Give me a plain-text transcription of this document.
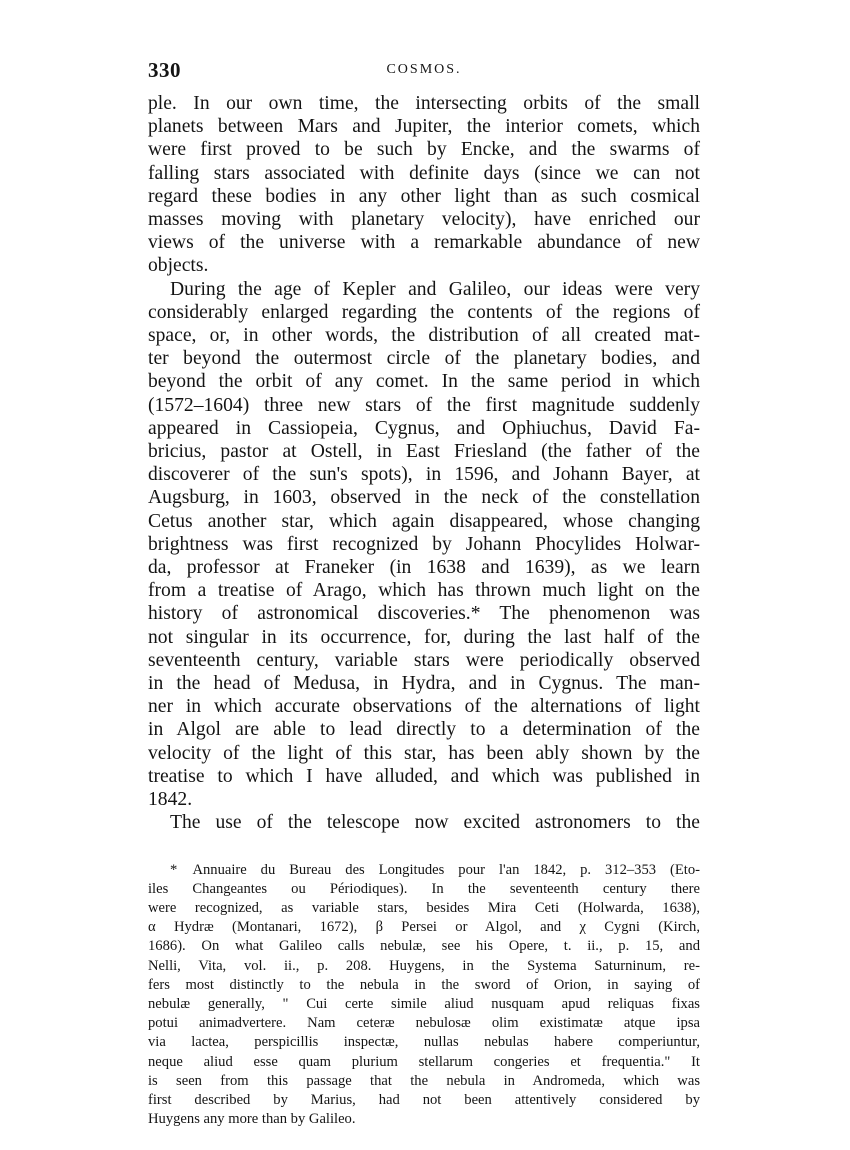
330	COSMOS.

ple. In our own time, the intersecting orbits of the small
planets between Mars and Jupiter, the interior comets, which
were first proved to be such by Encke, and the swarms of
falling stars associated with definite days (since we can not
regard these bodies in any other light than as such cosmical
masses moving with planetary velocity), have enriched our
views of the universe with a remarkable abundance of new
objects.

During the age of Kepler and Galileo, our ideas were very
considerably enlarged regarding the contents of the regions of
space, or, in other words, the distribution of all created mat-
ter beyond the outermost circle of the planetary bodies, and
beyond the orbit of any comet. In the same period in which
(1572–1604) three new stars of the first magnitude suddenly
appeared in Cassiopeia, Cygnus, and Ophiuchus, David Fa-
bricius, pastor at Ostell, in East Friesland (the father of the
discoverer of the sun's spots), in 1596, and Johann Bayer, at
Augsburg, in 1603, observed in the neck of the constellation
Cetus another star, which again disappeared, whose changing
brightness was first recognized by Johann Phocylides Holwar-
da, professor at Franeker (in 1638 and 1639), as we learn
from a treatise of Arago, which has thrown much light on the
history of astronomical discoveries.* The phenomenon was
not singular in its occurrence, for, during the last half of the
seventeenth century, variable stars were periodically observed
in the head of Medusa, in Hydra, and in Cygnus. The man-
ner in which accurate observations of the alternations of light
in Algol are able to lead directly to a determination of the
velocity of the light of this star, has been ably shown by the
treatise to which I have alluded, and which was published in
1842.

The use of the telescope now excited astronomers to the

* Annuaire du Bureau des Longitudes pour l'an 1842, p. 312–353 (Eto-
iles Changeantes ou Périodiques). In the seventeenth century there
were recognized, as variable stars, besides Mira Ceti (Holwarda, 1638),
α Hydræ (Montanari, 1672), β Persei or Algol, and χ Cygni (Kirch,
1686). On what Galileo calls nebulæ, see his Opere, t. ii., p. 15, and
Nelli, Vita, vol. ii., p. 208. Huygens, in the Systema Saturninum, re-
fers most distinctly to the nebula in the sword of Orion, in saying of
nebulæ generally, " Cui certe simile aliud nusquam apud reliquas fixas
potui animadvertere. Nam ceteræ nebulosæ olim existimatæ atque ipsa
via lactea, perspicillis inspectæ, nullas nebulas habere comperiuntur,
neque aliud esse quam plurium stellarum congeries et frequentia." It
is seen from this passage that the nebula in Andromeda, which was
first described by Marius, had not been attentively considered by
Huygens any more than by Galileo.
